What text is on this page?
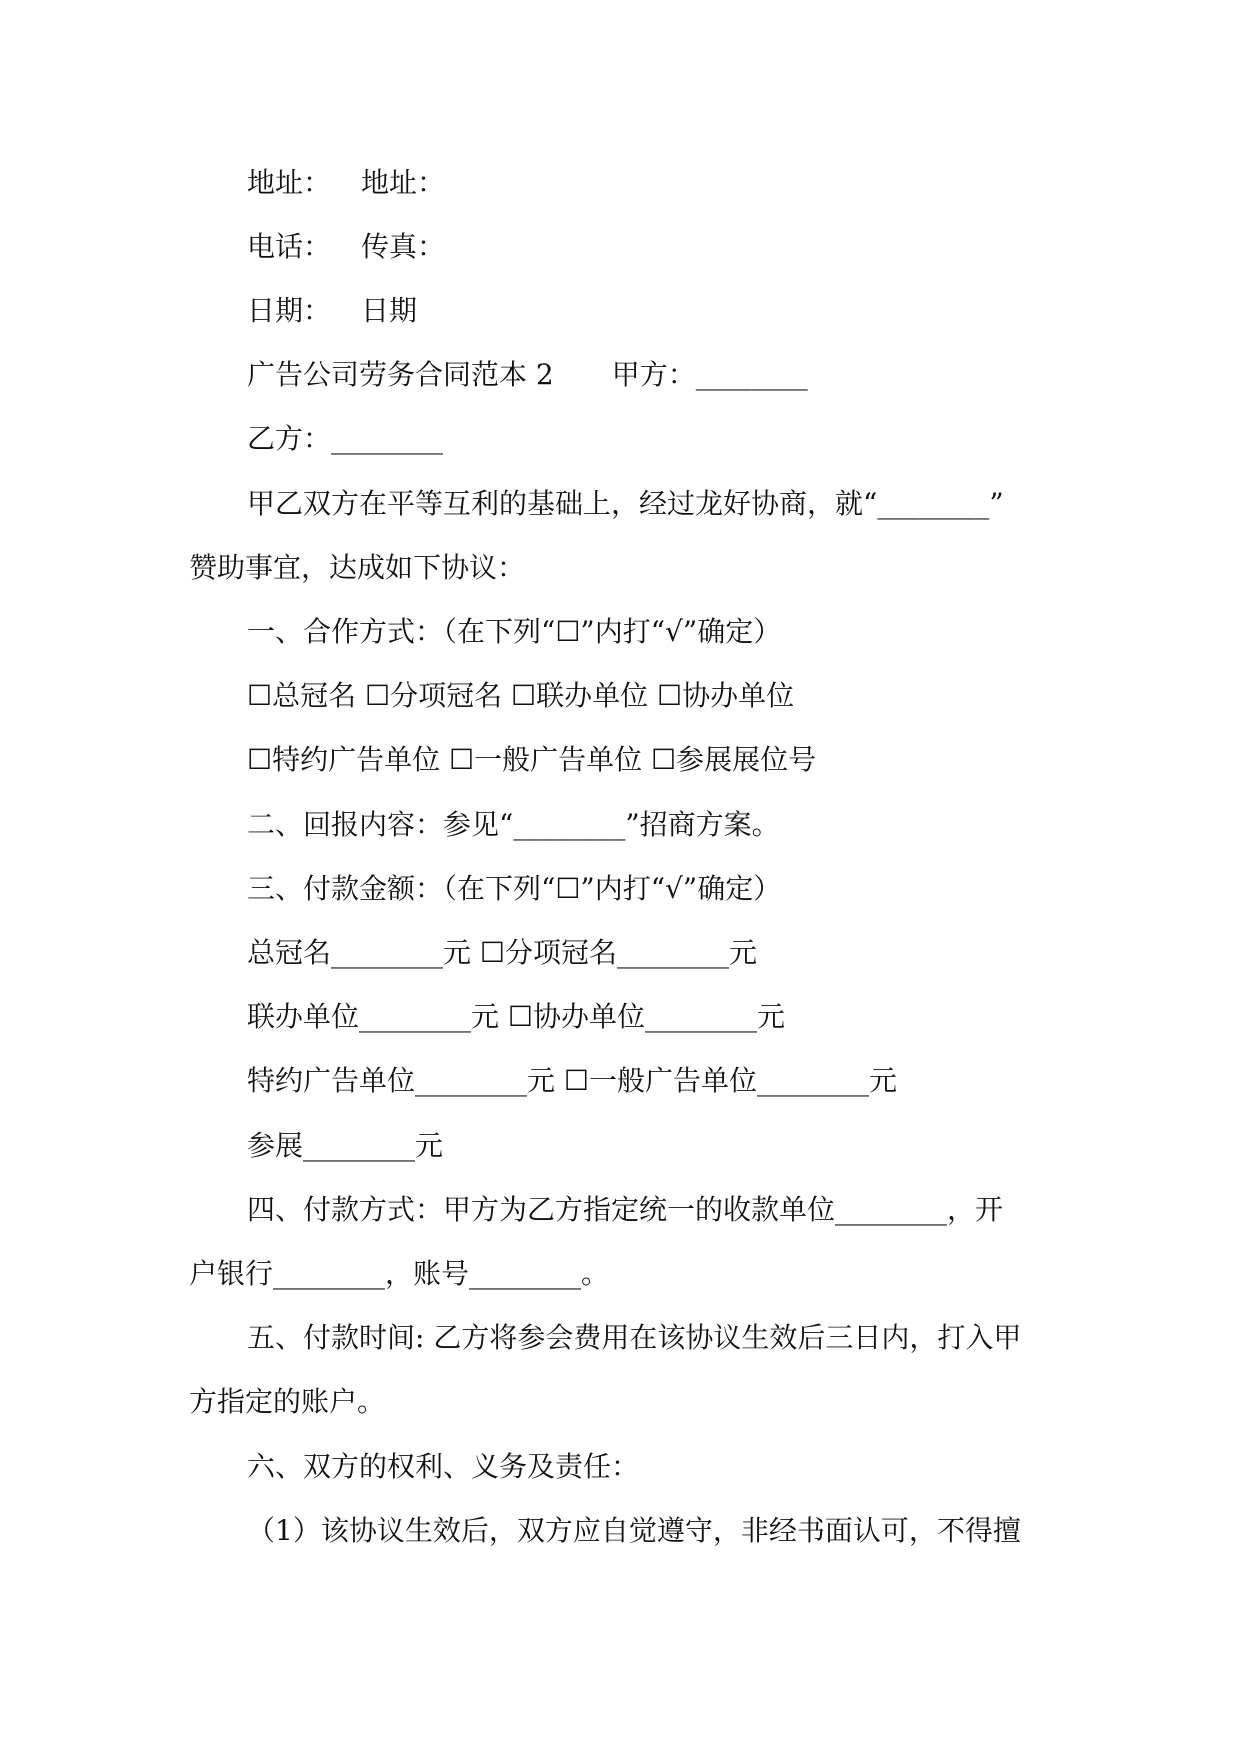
地址： 地址：
电话： 传真：
日期： 日期
广告公司劳务合同范本 2 甲方：________
乙方：________
甲乙双方在平等互利的基础上，经过龙好协商，就“________”
赞助事宜，达成如下协议：
一、合作方式：（在下列“☐”内打“√”确定）
☐总冠名 ☐分项冠名 ☐联办单位 ☐协办单位
☐特约广告单位 ☐一般广告单位 ☐参展展位号
二、回报内容：参见“________”招商方案。
三、付款金额：（在下列“☐”内打“√”确定）
总冠名________元 ☐分项冠名________元
联办单位________元 ☐协办单位________元
特约广告单位________元 ☐一般广告单位________元
参展________元
四、付款方式：甲方为乙方指定统一的收款单位________，开
户银行________，账号________。
五、付款时间: 乙方将参会费用在该协议生效后三日内，打入甲
方指定的账户。
六、双方的权利、义务及责任：
（1）该协议生效后，双方应自觉遵守，非经书面认可，不得擅
